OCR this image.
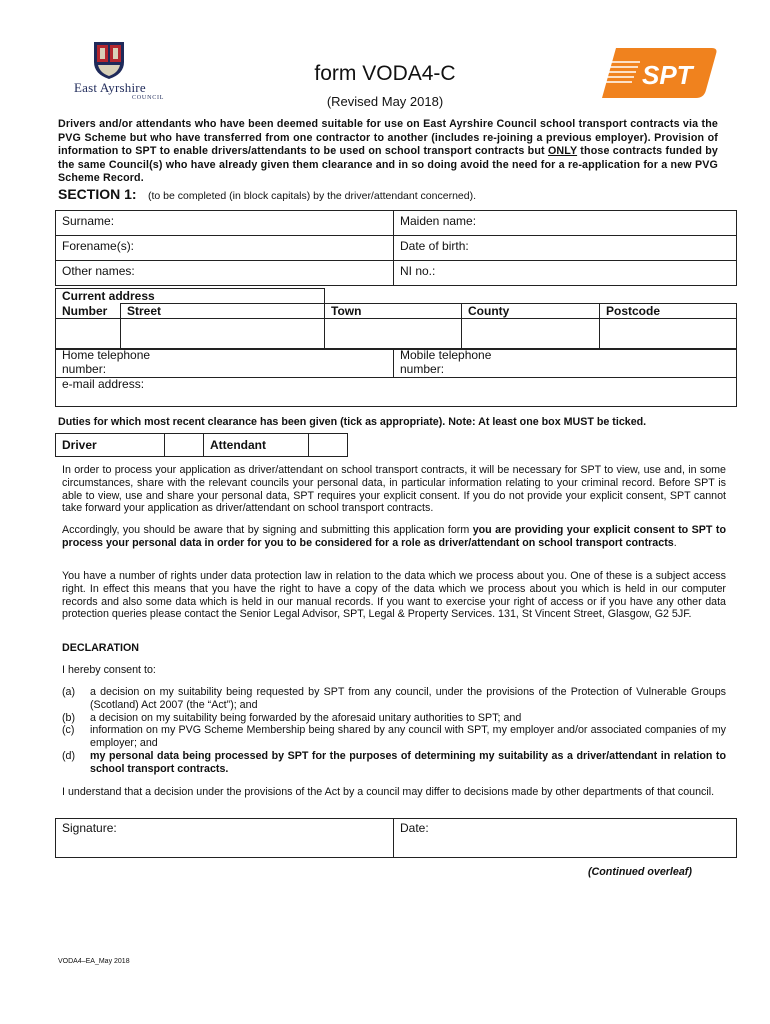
East Ayrshire
COUNCIL
form VODA4-C
(Revised May 2018)
SPT
Drivers and/or attendants who have been deemed suitable for use on East Ayrshire Council school transport contracts via the PVG Scheme but who have transferred from one contractor to another (includes re-joining a previous employer). Provision of information to SPT to enable drivers/attendants to be used on school transport contracts but ONLY those contracts funded by the same Council(s) who have already given them clearance and in so doing avoid the need for a re-application for a new PVG Scheme Record.
SECTION 1: (to be completed (in block capitals) by the driver/attendant concerned).
Surname:	Maiden name:
Forename(s):	Date of birth:
Other names:	NI no.:
Current address				
Number	Street	Town	County	Postcode

Home telephone number:

Mobile telephone number:

e-mail address:
Duties for which most recent clearance has been given (tick as appropriate). Note: At least one box MUST be ticked.
Driver		Attendant	
In order to process your application as driver/attendant on school transport contracts, it will be necessary for SPT to view, use and, in some circumstances, share with the relevant councils your personal data, in particular information relating to your criminal record. Before SPT is able to view, use and share your personal data, SPT requires your explicit consent. If you do not provide your explicit consent, SPT cannot take forward your application as driver/attendant on school transport contracts.
Accordingly, you should be aware that by signing and submitting this application form you are providing your explicit consent to SPT to process your personal data in order for you to be considered for a role as driver/attendant on school transport contracts.
You have a number of rights under data protection law in relation to the data which we process about you. One of these is a subject access right. In effect this means that you have the right to have a copy of the data which we process about you which is held in our computer records and also some data which is held in our manual records. If you want to exercise your right of access or if you have any other data protection queries please contact the Senior Legal Advisor, SPT, Legal & Property Services. 131, St Vincent Street, Glasgow, G2 5JF.
DECLARATION
I hereby consent to:
(a)	a decision on my suitability being requested by SPT from any council, under the provisions of the Protection of Vulnerable Groups (Scotland) Act 2007 (the “Act”); and
(b)	a decision on my suitability being forwarded by the aforesaid unitary authorities to SPT; and
(c)	information on my PVG Scheme Membership being shared by any council with SPT, my employer and/or associated companies of my employer; and
(d)	my personal data being processed by SPT for the purposes of determining my suitability as a driver/attendant in relation to school transport contracts.
I understand that a decision under the provisions of the Act by a council may differ to decisions made by other departments of that council.
Signature:	Date:
(Continued overleaf)
VODA4–EA_May 2018
